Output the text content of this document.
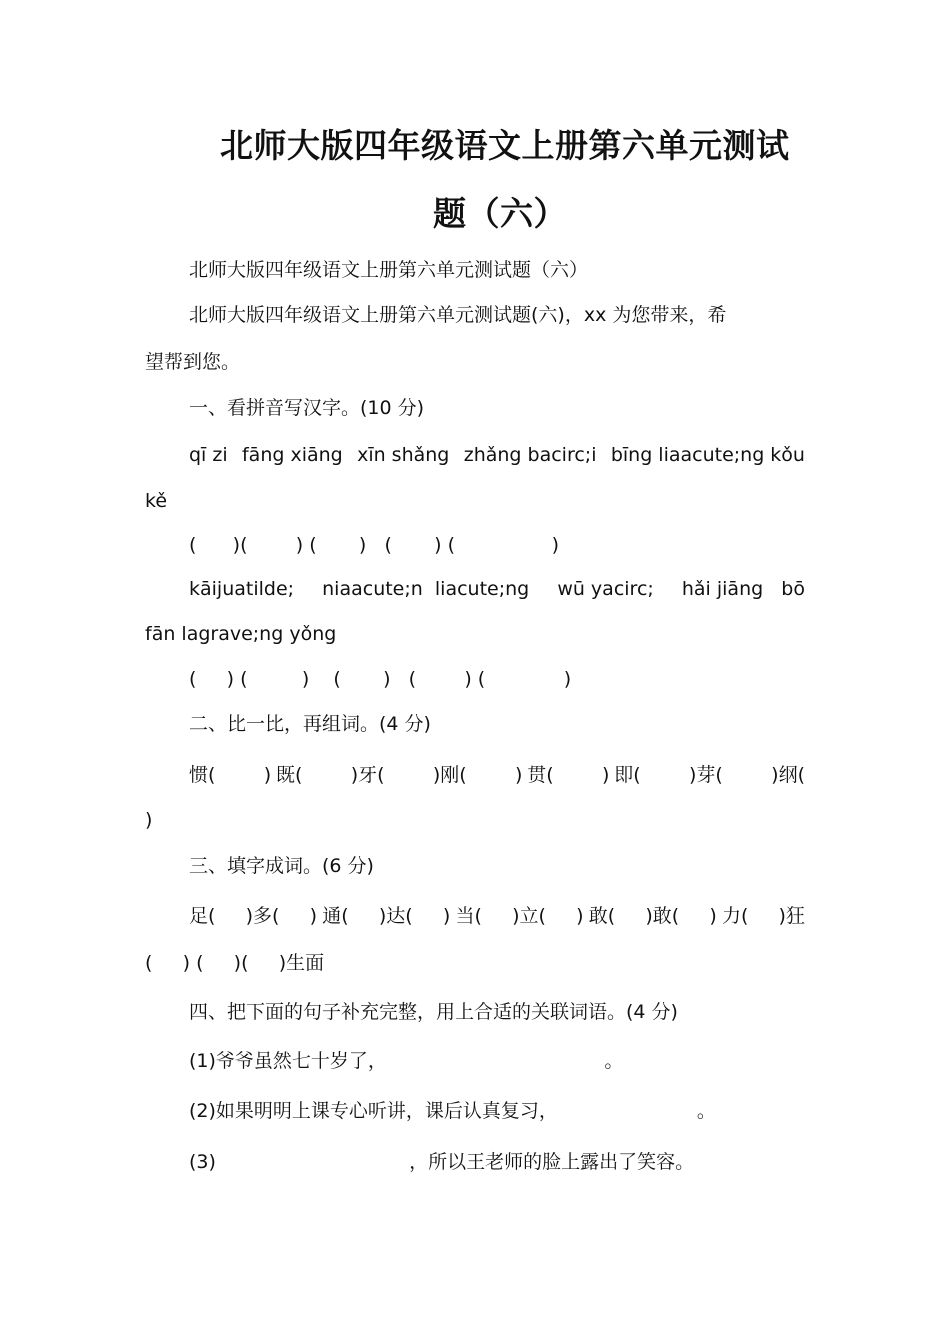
北师大版四年级语文上册第六单元测试
题（六）
北师大版四年级语文上册第六单元测试题（六）
北师大版四年级语文上册第六单元测试题(六)，xx 为您带来，希
望帮到您。
一、看拼音写汉字。(10 分)
qī zi fāng xiāng xīn shǎng zhǎng bacirc;i bīng liaacute;ng kǒu
kě
(      )(        ) (       )   (       ) (                )
kāijuatilde; niaacute;n  liacute;ng wū yacirc; hǎi jiāng   bō
fān lagrave;ng yǒng
(     ) (         )    (       )   (        ) (             )
二、比一比，再组词。(4 分)
惯(        ) 既(        )牙(        )刚(        ) 贯(        ) 即(        )芽(        )纲(
)
三、填字成词。(6 分)
足(     )多(     ) 通(     )达(     ) 当(     )立(     ) 敢(     )敢(     ) 力(     )狂
(     ) (     )(     )生面
四、把下面的句子补充完整，用上合适的关联词语。(4 分)
(1)爷爷虽然七十岁了，                                    。
(2)如果明明上课专心听讲，课后认真复习，                       。
(3)                                ，所以王老师的脸上露出了笑容。
